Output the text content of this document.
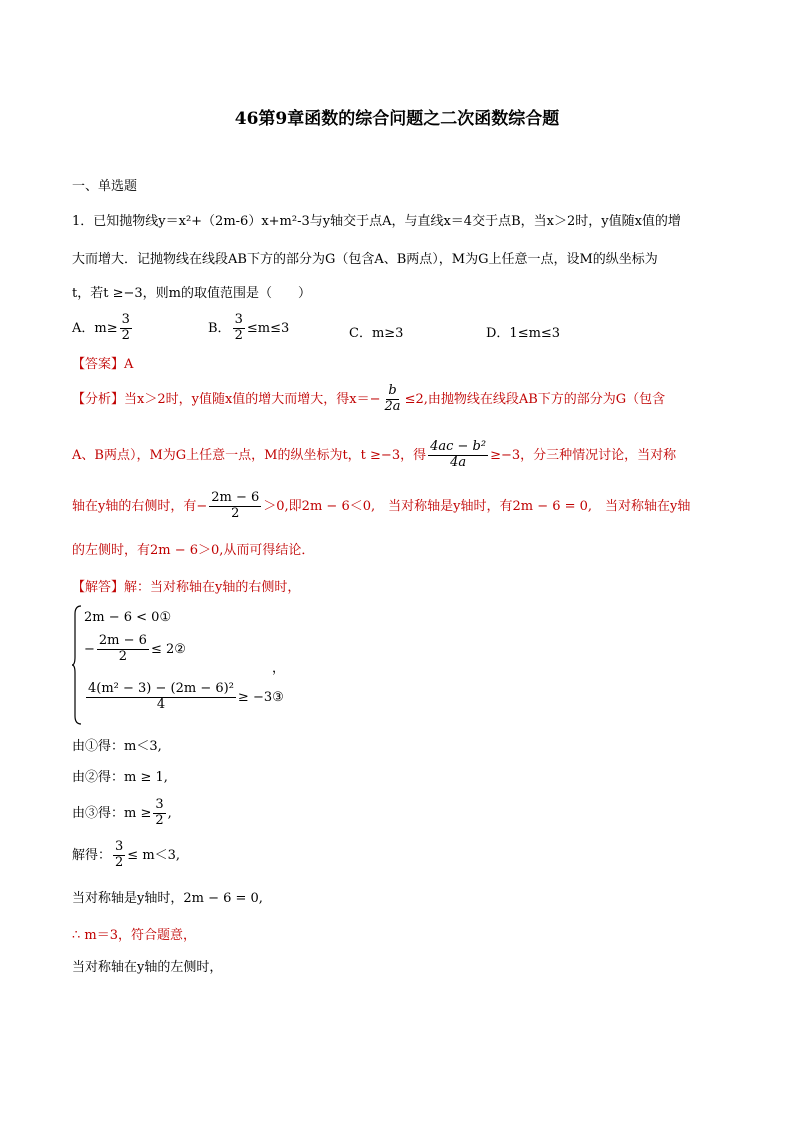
46第9章函数的综合问题之二次函数综合题
一、单选题
1．已知抛物线y＝x²+（2m-6）x+m²-3与y轴交于点A，与直线x＝4交于点B，当x＞2时，y值随x值的增
大而增大．记抛物线在线段AB下方的部分为G（包含A、B两点），M为G上任意一点，设M的纵坐标为
t，若t ≥−3，则m的取值范围是（　　）
A．$m\ge \frac{3}{2}$	B． $\frac{3}{2} \le m\le 3$	C．m≥3	D．1≤m≤3
【答案】A
【分析】当x＞2时，y值随x值的增大而增大，得$x=- \frac{b}{2a} \le 2$,由抛物线在线段AB下方的部分为G（包含
A、B两点），M为G上任意一点，M的纵坐标为t，t ≥−3，得 $\frac{\text{4ac − b²}}{4a} \ge-3$，分三种情况讨论，当对称
轴在y轴的右侧时，有− $\frac{2m - 6}{2} >0$,即2m − 6＜0,　当对称轴是y轴时，有2m − 6 = 0,　当对称轴在y轴
的左侧时，有2m − 6＞0,从而可得结论．
【解答】解：当对称轴在y轴的右侧时，
2m − 6 < 0①
− $\frac{2m - 6}{2}$ ≤ 2②
$\frac{\text{4(m² − 3) − (2m − 6)²}}{4}$ ≥ −3③
，
由①得：m＜3,
由②得：m ≥ 1,
由③得：$m \ge \frac{3}{2}$ ,
解得： $\frac{3}{2} \le m<3$,
当对称轴是y轴时，2m − 6 = 0,
∴ m＝3，符合题意，
当对称轴在y轴的左侧时，
